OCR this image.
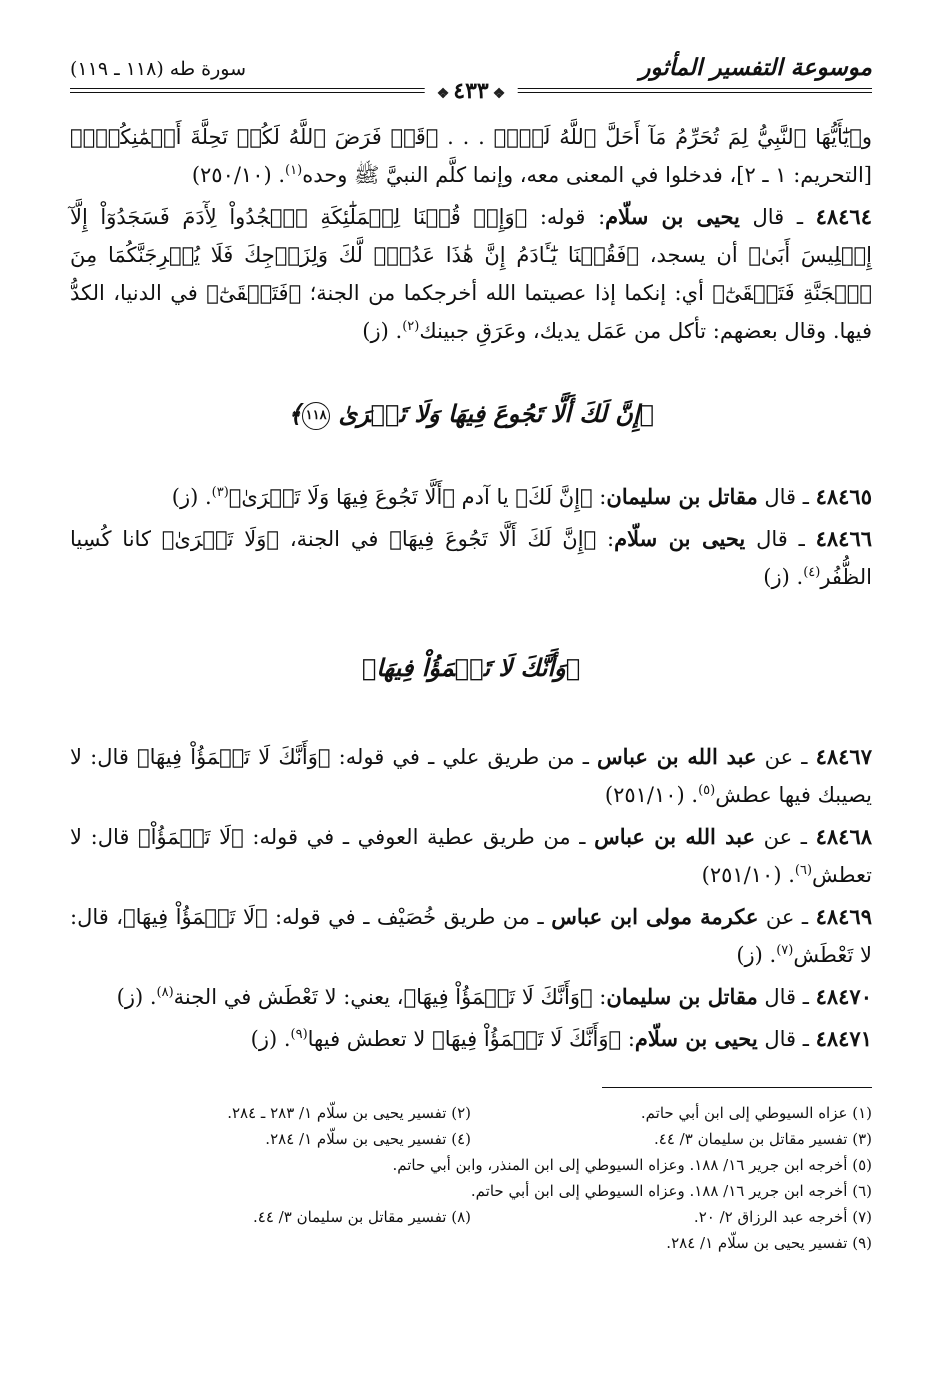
موسوعة التفسير المأثور
سورة طه (١١٨ ـ ١١٩)
❖٤٣٣❖

و﴿يَٰٓأَيُّهَا ٱلنَّبِيُّ لِمَ تُحَرِّمُ مَآ أَحَلَّ ٱللَّهُ لَكَۖ﴾ . . . ﴿قَدۡ فَرَضَ ٱللَّهُ لَكُمۡ تَحِلَّةَ أَيۡمَٰنِكُمۡۚ﴾ [التحريم: ١ ـ ٢]، فدخلوا في المعنى معه، وإنما كلَّم النبيَّ ﷺ وحده$^{(١)}$. (٢٥٠/١٠)

٤٨٤٦٤ ـ قال يحيى بن سلّام: قوله: ﴿وَإِذۡ قُلۡنَا لِلۡمَلَٰٓئِكَةِ ٱسۡجُدُواْ لِأٓدَمَ فَسَجَدُوٓاْ إِلَّآ إِبۡلِيسَ أَبَىٰ﴾ أن يسجد، ﴿فَقُلۡنَا يَٰٓـَٔادَمُ إِنَّ هَٰذَا عَدُوّٞ لَّكَ وَلِزَوۡجِكَ فَلَا يُخۡرِجَنَّكُمَا مِنَ ٱلۡجَنَّةِ فَتَشۡقَىٰٓ﴾ أي: إنكما إذا عصيتما الله أخرجكما من الجنة؛ ﴿فَتَشۡقَىٰٓ﴾ في الدنيا، الكدُّ فيها. وقال بعضهم: تأكل من عَمَل يديك، وعَرَقِ جبينك$^{(٢)}$. (ز)

﴿إِنَّ لَكَ أَلَّا تَجُوعَ فِيهَا وَلَا تَعۡرَىٰ ١١٨﴾

٤٨٤٦٥ ـ قال مقاتل بن سليمان: ﴿إِنَّ لَكَ﴾ يا آدم ﴿أَلَّا تَجُوعَ فِيهَا وَلَا تَعۡرَىٰ﴾$^{(٣)}$. (ز)

٤٨٤٦٦ ـ قال يحيى بن سلّام: ﴿إِنَّ لَكَ أَلَّا تَجُوعَ فِيهَا﴾ في الجنة، ﴿وَلَا تَعۡرَىٰ﴾ كانا كُسِيا الظُّفُر$^{(٤)}$. (ز)

﴿وَأَنَّكَ لَا تَظۡمَؤُاْ فِيهَا﴾

٤٨٤٦٧ ـ عن عبد الله بن عباس ـ من طريق علي ـ في قوله: ﴿وَأَنَّكَ لَا تَظۡمَؤُاْ فِيهَا﴾ قال: لا يصيبك فيها عطش$^{(٥)}$. (٢٥١/١٠)

٤٨٤٦٨ ـ عن عبد الله بن عباس ـ من طريق عطية العوفي ـ في قوله: ﴿لَا تَظۡمَؤُاْ﴾ قال: لا تعطش$^{(٦)}$. (٢٥١/١٠)

٤٨٤٦٩ ـ عن عكرمة مولى ابن عباس ـ من طريق خُصَيْف ـ في قوله: ﴿لَا تَظۡمَؤُاْ فِيهَا﴾، قال: لا تَعْطَش$^{(٧)}$. (ز)

٤٨٤٧٠ ـ قال مقاتل بن سليمان: ﴿وَأَنَّكَ لَا تَظۡمَؤُاْ فِيهَا﴾، يعني: لا تَعْطَش في الجنة$^{(٨)}$. (ز)

٤٨٤٧١ ـ قال يحيى بن سلّام: ﴿وَأَنَّكَ لَا تَظۡمَؤُاْ فِيهَا﴾ لا تعطش فيها$^{(٩)}$. (ز)

(١) عزاه السيوطي إلى ابن أبي حاتم.
(٢) تفسير يحيى بن سلّام ١/ ٢٨٣ ـ ٢٨٤.
(٣) تفسير مقاتل بن سليمان ٣/ ٤٤.
(٤) تفسير يحيى بن سلّام ١/ ٢٨٤.
(٥) أخرجه ابن جرير ١٦/ ١٨٨. وعزاه السيوطي إلى ابن المنذر، وابن أبي حاتم.
(٦) أخرجه ابن جرير ١٦/ ١٨٨. وعزاه السيوطي إلى ابن أبي حاتم.
(٧) أخرجه عبد الرزاق ٢/ ٢٠.
(٨) تفسير مقاتل بن سليمان ٣/ ٤٤.
(٩) تفسير يحيى بن سلّام ١/ ٢٨٤.
